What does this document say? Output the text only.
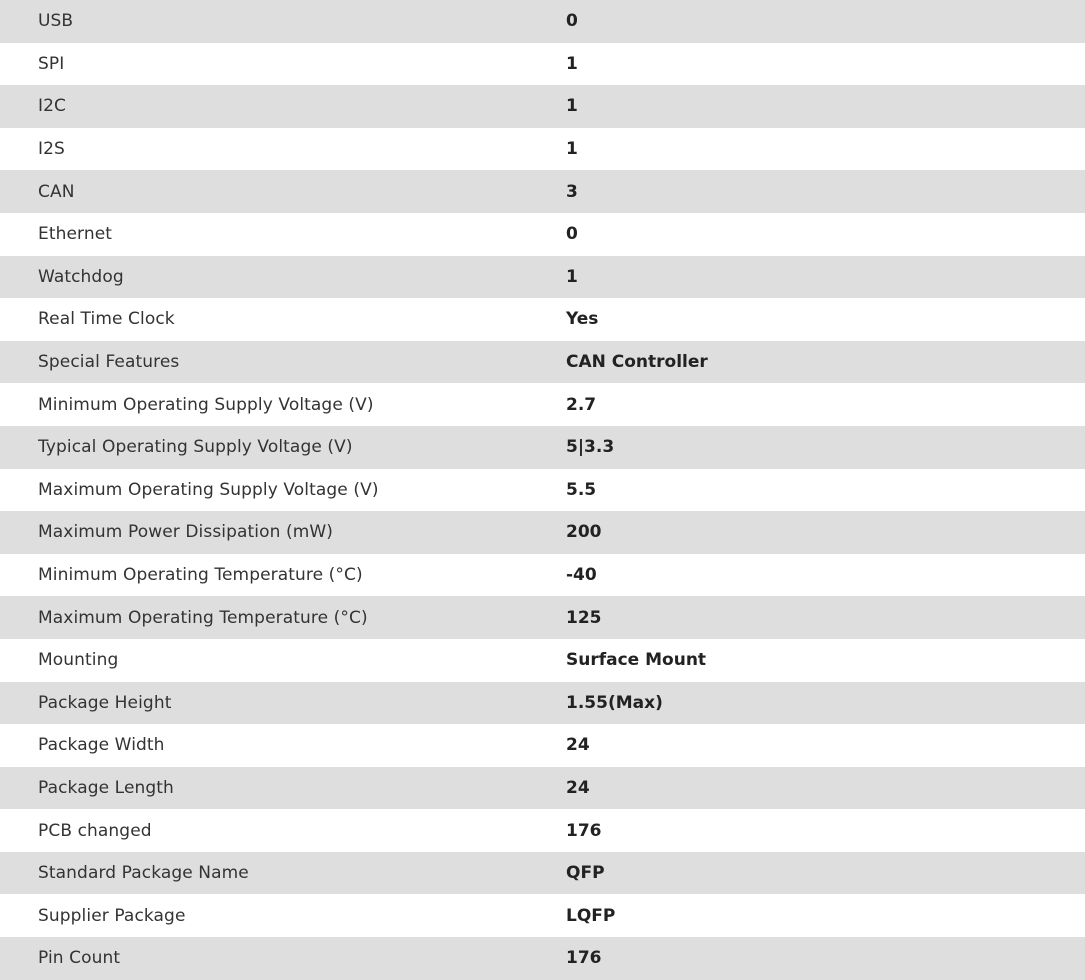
USB	0
SPI	1
I2C	1
I2S	1
CAN	3
Ethernet	0
Watchdog	1
Real Time Clock	Yes
Special Features	CAN Controller
Minimum Operating Supply Voltage (V)	2.7
Typical Operating Supply Voltage (V)	5|3.3
Maximum Operating Supply Voltage (V)	5.5
Maximum Power Dissipation (mW)	200
Minimum Operating Temperature (°C)	-40
Maximum Operating Temperature (°C)	125
Mounting	Surface Mount
Package Height	1.55(Max)
Package Width	24
Package Length	24
PCB changed	176
Standard Package Name	QFP
Supplier Package	LQFP
Pin Count	176
